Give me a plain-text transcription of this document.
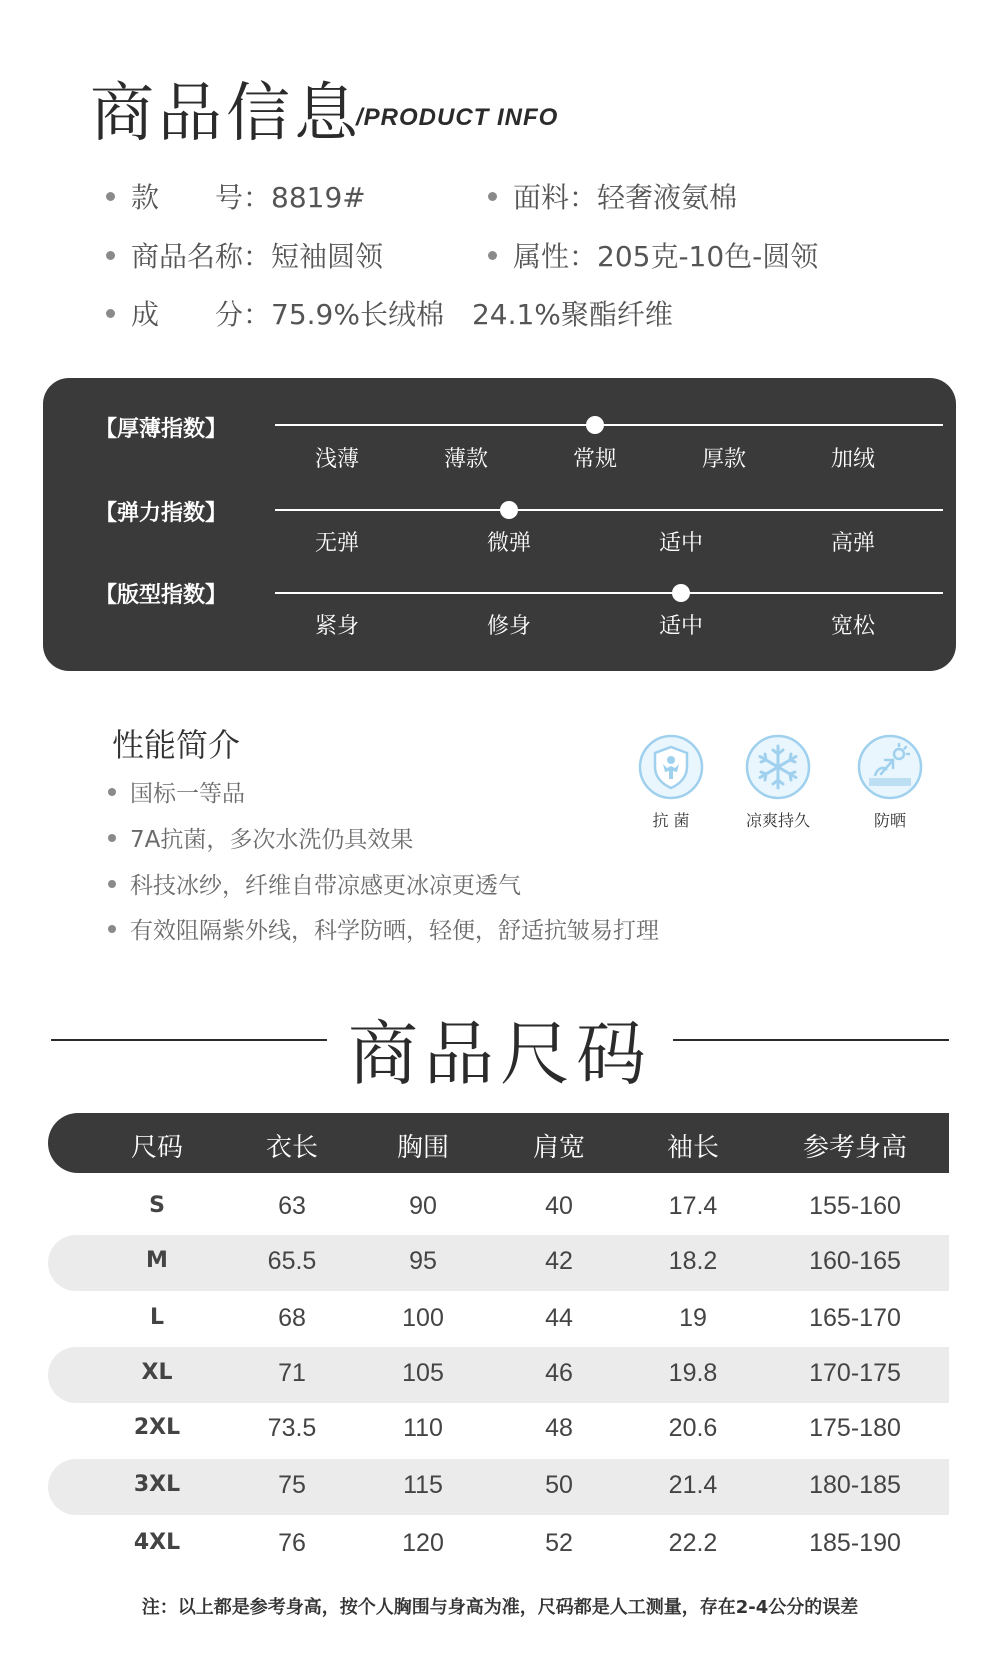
商品信息
/PRODUCT INFO
款　　号：8819#	面料：轻奢液氨棉
商品名称：短袖圆领	属性：205克-10色-圆领
成　　分：75.9%长绒棉　24.1%聚酯纤维
【厚薄指数】
浅薄	薄款	常规	厚款	加绒
【弹力指数】
无弹	微弹	适中	高弹
【版型指数】
紧身	修身	适中	宽松
性能简介
国标一等品
7A抗菌，多次水洗仍具效果
科技冰纱，纤维自带凉感更冰凉更透气
有效阻隔紫外线，科学防晒，轻便，舒适抗皱易打理
抗 菌	凉爽持久	防晒
商品尺码
尺码	衣长	胸围	肩宽	袖长	参考身高
S	63	90	40	17.4	155-160
M	65.5	95	42	18.2	160-165
L	68	100	44	19	165-170
XL	71	105	46	19.8	170-175
2XL	73.5	110	48	20.6	175-180
3XL	75	115	50	21.4	180-185
4XL	76	120	52	22.2	185-190
注：以上都是参考身高，按个人胸围与身高为准，尺码都是人工测量，存在2-4公分的误差
